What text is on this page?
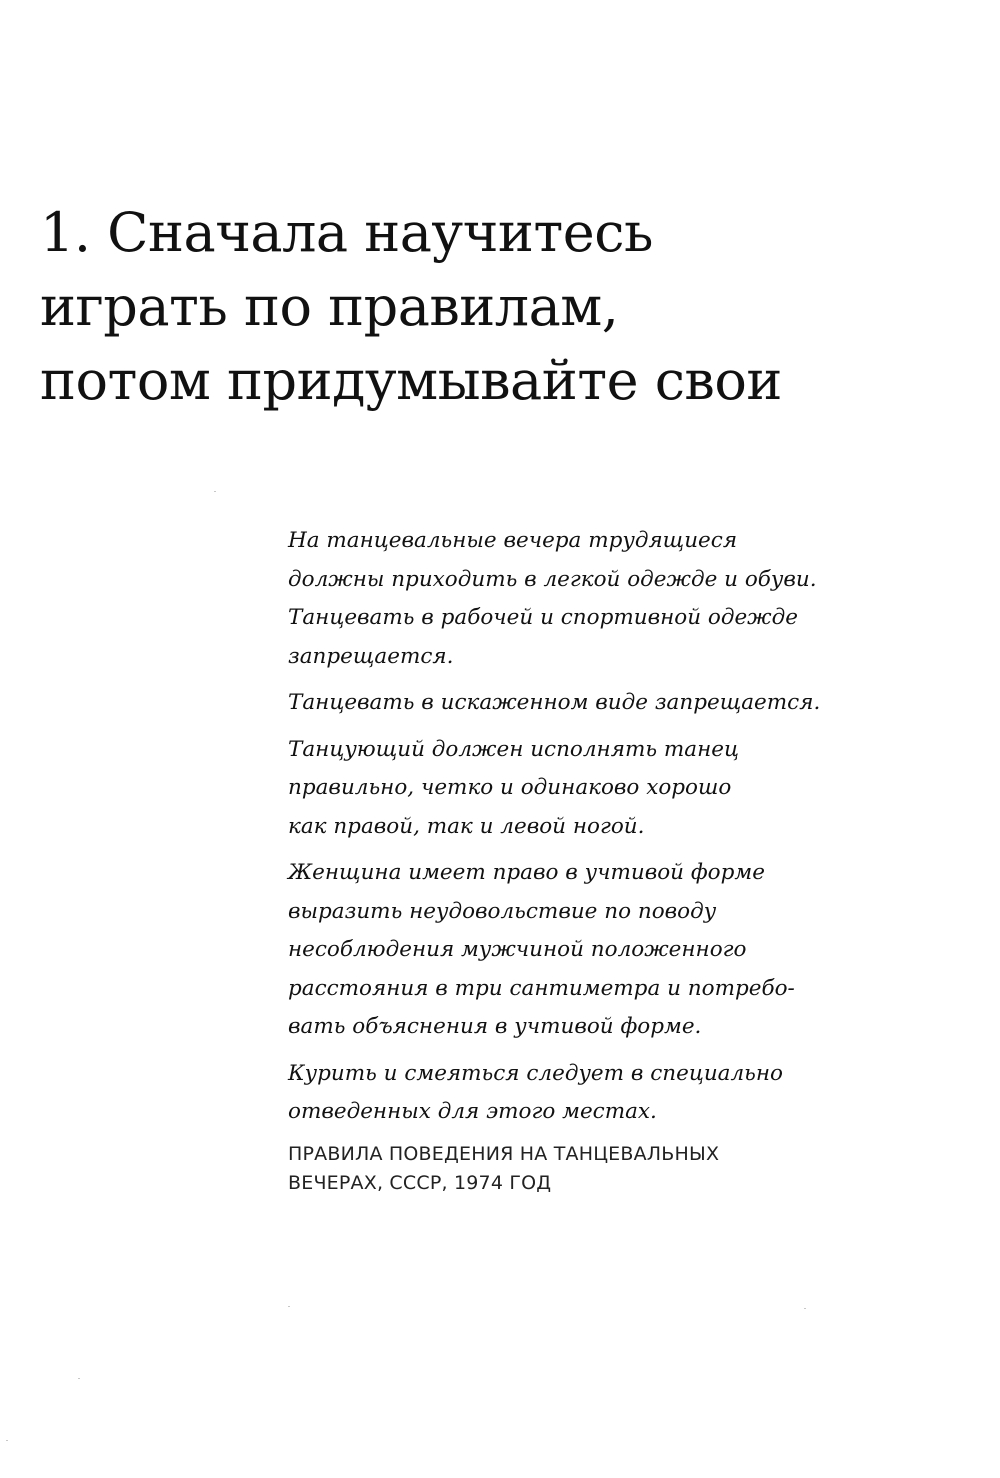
1. Сначала научитесь
играть по правилам,
потом придумывайте свои

На танцевальные вечера трудящиеся
должны приходить в легкой одежде и обуви.
Танцевать в рабочей и спортивной одежде
запрещается.

Танцевать в искаженном виде запрещается.

Танцующий должен исполнять танец
правильно, четко и одинаково хорошо
как правой, так и левой ногой.

Женщина имеет право в учтивой форме
выразить неудовольствие по поводу
несоблюдения мужчиной положенного
расстояния в три сантиметра и потребо-
вать объяснения в учтивой форме.

Курить и смеяться следует в специально
отведенных для этого местах.

ПРАВИЛА ПОВЕДЕНИЯ НА ТАНЦЕВАЛЬНЫХ
ВЕЧЕРАХ, СССР, 1974 ГОД
